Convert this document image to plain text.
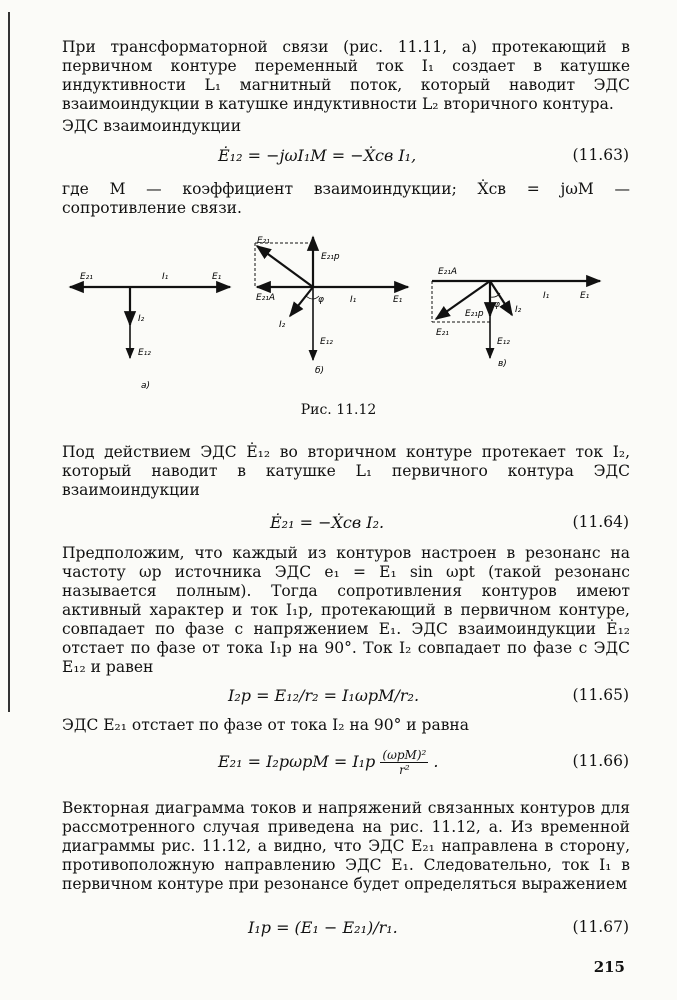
При трансформаторной связи (рис. 11.11, а) протекающий в первичном контуре переменный ток I₁ создает в катушке индуктивности L₁ магнитный поток, который наводит ЭДС взаимоиндукции в катушке индуктивности L₂ вторичного контура.
ЭДС взаимоиндукции
Ė₁₂ = −jωI₁M = −Ẋсв I₁,	(11.63)
где M — коэффициент взаимоиндукции; Ẋсв = jωM — сопротивление связи.
E₂₁	I₁	E₁
I₂
E₁₂
а)
E₂₁
E₂₁р
E₂₁А	I₁	E₁
φ
I₂
E₁₂
б)
E₂₁А
I₁	E₁
φ
E₂₁р	I₂
E₂₁
E₁₂
в)
Рис. 11.12
Под действием ЭДС Ė₁₂ во вторичном контуре протекает ток I₂, который наводит в катушке L₁ первичного контура ЭДС взаимоиндукции
Ė₂₁ = −Ẋсв I₂.	(11.64)
Предположим, что каждый из контуров настроен в резонанс на частоту ωр источника ЭДС e₁ = E₁ sin ωрt (такой резонанс называется полным). Тогда сопротивления контуров имеют активный характер и ток I₁р, протекающий в первичном контуре, совпадает по фазе с напряжением E₁. ЭДС взаимоиндукции Ė₁₂ отстает по фазе от тока I₁р на 90°. Ток I₂ совпадает по фазе с ЭДС E₁₂ и равен
I₂р = E₁₂/r₂ = I₁ωрM/r₂.	(11.65)
ЭДС E₂₁ отстает по фазе от тока I₂ на 90° и равна
$E_{21} = I_2р\omega рM = I_1р \frac{\text{(ωрM)²}}{\text{r²}}$ .	(11.66)
Векторная диаграмма токов и напряжений связанных контуров для рассмотренного случая приведена на рис. 11.12, а. Из временной диаграммы рис. 11.12, а видно, что ЭДС E₂₁ направлена в сторону, противоположную направлению ЭДС E₁. Следовательно, ток I₁ в первичном контуре при резонансе будет определяться выражением
I₁р = (E₁ − E₂₁)/r₁.	(11.67)
215
